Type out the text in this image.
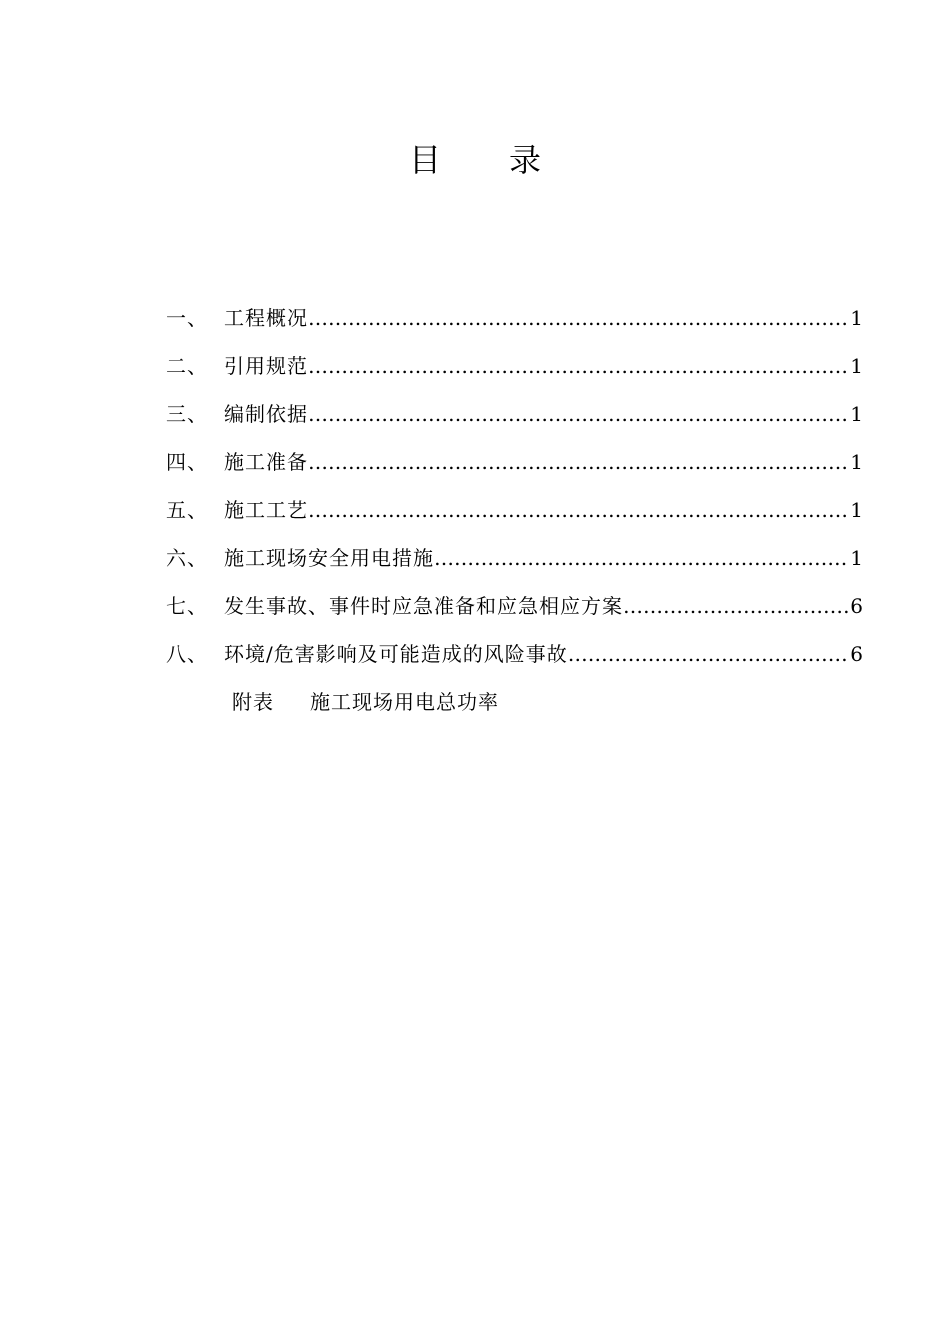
目 录
一、 工程概况 …………………………………………………………………………………………………………………………………………………………………………	1
二、 引用规范 …………………………………………………………………………………………………………………………………………………………………………	1
三、 编制依据 …………………………………………………………………………………………………………………………………………………………………………	1
四、 施工准备 …………………………………………………………………………………………………………………………………………………………………………	1
五、 施工工艺 …………………………………………………………………………………………………………………………………………………………………………	1
六、 施工现场安全用电措施 …………………………………………………………………………………………………………………………………………………………………………	1
七、 发生事故、事件时应急准备和应急相应方案 …………………………………………………………………………………………………………………………………………………………………………	6
八、 环境/危害影响及可能造成的风险事故 …………………………………………………………………………………………………………………………………………………………………………	6
附表	施工现场用电总功率
